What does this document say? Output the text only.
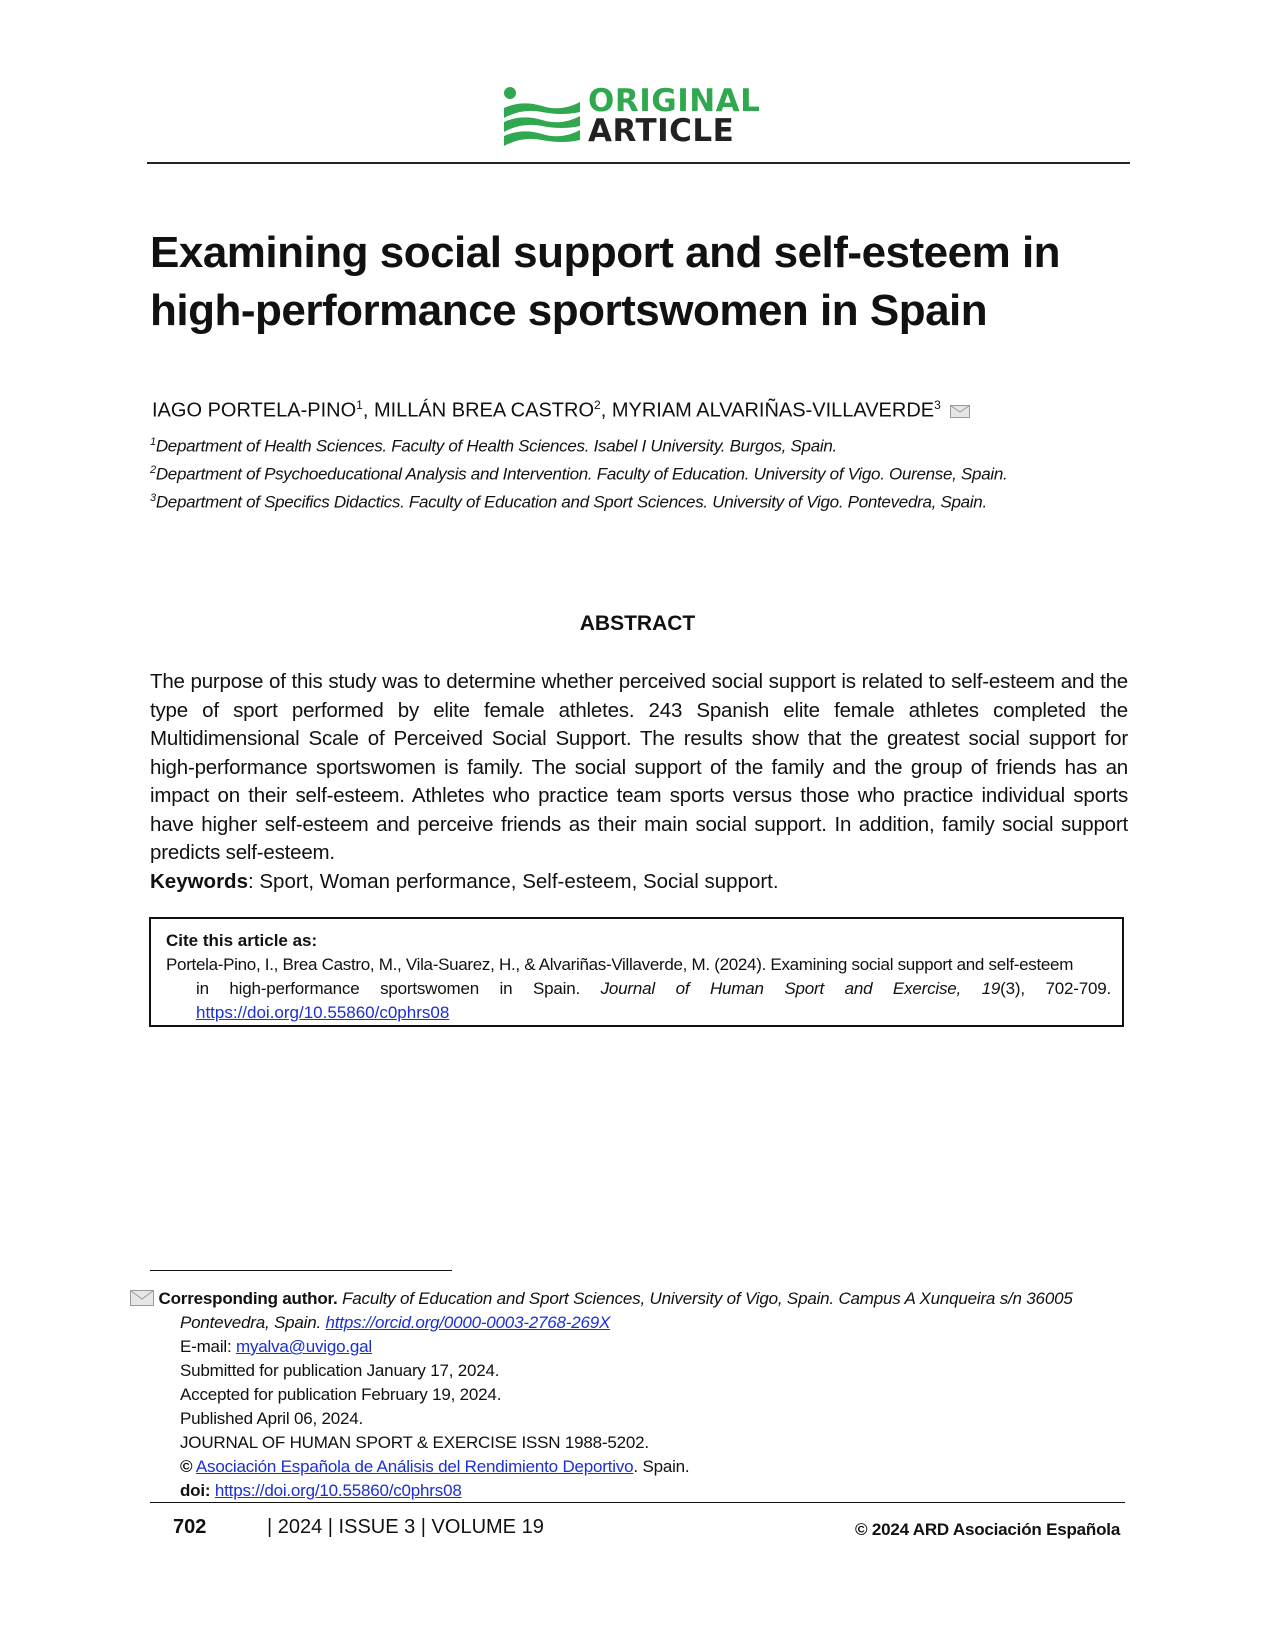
ORIGINAL
ARTICLE
Examining social support and self-esteem in high-performance sportswomen in Spain
IAGO PORTELA-PINO$^1$, MILLÁN BREA CASTRO$^2$, MYRIAM ALVARIÑAS-VILLAVERDE$^3$
$^1$Department of Health Sciences. Faculty of Health Sciences. Isabel I University. Burgos, Spain.
$^2$Department of Psychoeducational Analysis and Intervention. Faculty of Education. University of Vigo. Ourense, Spain.
$^3$Department of Specifics Didactics. Faculty of Education and Sport Sciences. University of Vigo. Pontevedra, Spain.
ABSTRACT
The purpose of this study was to determine whether perceived social support is related to self-esteem and the type of sport performed by elite female athletes. 243 Spanish elite female athletes completed the Multidimensional Scale of Perceived Social Support. The results show that the greatest social support for high-performance sportswomen is family. The social support of the family and the group of friends has an impact on their self-esteem. Athletes who practice team sports versus those who practice individual sports have higher self-esteem and perceive friends as their main social support. In addition, family social support predicts self-esteem.
Keywords: Sport, Woman performance, Self-esteem, Social support.
Cite this article as:
Portela-Pino, I., Brea Castro, M., Vila-Suarez, H., & Alvariñas-Villaverde, M. (2024). Examining social support and self-esteem
in high-performance sportswomen in Spain. Journal of Human Sport and Exercise, 19(3), 702-709.
https://doi.org/10.55860/c0phrs08
Corresponding author. Faculty of Education and Sport Sciences, University of Vigo, Spain. Campus A Xunqueira s/n 36005
Pontevedra, Spain. https://orcid.org/0000-0003-2768-269X
E-mail: myalva@uvigo.gal
Submitted for publication January 17, 2024.
Accepted for publication February 19, 2024.
Published April 06, 2024.
JOURNAL OF HUMAN SPORT & EXERCISE ISSN 1988-5202.
© Asociación Española de Análisis del Rendimiento Deportivo. Spain.
doi: https://doi.org/10.55860/c0phrs08
702	| 2024 | ISSUE 3 | VOLUME 19	© 2024 ARD Asociación Española
